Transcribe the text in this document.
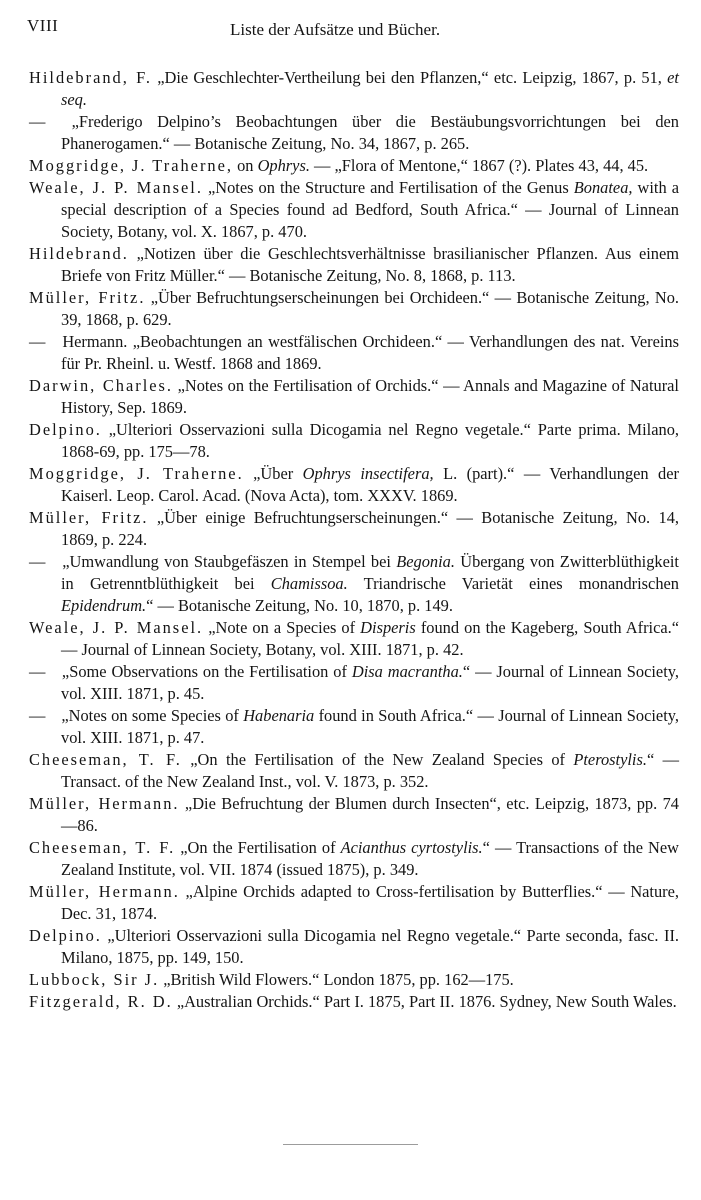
VIII	Liste der Aufsätze und Bücher.

Hildebrand, F. „Die Geschlechter-Vertheilung bei den Pflanzen,“ etc. Leipzig, 1867, p. 51, et seq.

— „Frederigo Delpino’s Beobachtungen über die Bestäubungsvorrichtungen bei den Phanerogamen.“ — Botanische Zeitung, No. 34, 1867, p. 265.

Moggridge, J. Traherne, on Ophrys. — „Flora of Mentone,“ 1867 (?). Plates 43, 44, 45.

Weale, J. P. Mansel. „Notes on the Structure and Fertilisation of the Genus Bonatea, with a special description of a Species found ad Bedford, South Africa.“ — Journal of Linnean Society, Botany, vol. X. 1867, p. 470.

Hildebrand. „Notizen über die Geschlechtsverhältnisse brasilianischer Pflanzen. Aus einem Briefe von Fritz Müller.“ — Botanische Zeitung, No. 8, 1868, p. 113.

Müller, Fritz. „Über Befruchtungserscheinungen bei Orchideen.“ — Botanische Zeitung, No. 39, 1868, p. 629.

— Hermann. „Beobachtungen an westfälischen Orchideen.“ — Verhandlungen des nat. Vereins für Pr. Rheinl. u. Westf. 1868 and 1869.

Darwin, Charles. „Notes on the Fertilisation of Orchids.“ — Annals and Magazine of Natural History, Sep. 1869.

Delpino. „Ulteriori Osservazioni sulla Dicogamia nel Regno vegetale.“ Parte prima. Milano, 1868-69, pp. 175—78.

Moggridge, J. Traherne. „Über Ophrys insectifera, L. (part).“ — Verhandlungen der Kaiserl. Leop. Carol. Acad. (Nova Acta), tom. XXXV. 1869.

Müller, Fritz. „Über einige Befruchtungserscheinungen.“ — Botanische Zeitung, No. 14, 1869, p. 224.

— „Umwandlung von Staubgefäszen in Stempel bei Begonia. Übergang von Zwitterblüthigkeit in Getrenntblüthigkeit bei Chamissoa. Triandrische Varietät eines monandrischen Epidendrum.“ — Botanische Zeitung, No. 10, 1870, p. 149.

Weale, J. P. Mansel. „Note on a Species of Disperis found on the Kageberg, South Africa.“ — Journal of Linnean Society, Botany, vol. XIII. 1871, p. 42.

— „Some Observations on the Fertilisation of Disa macrantha.“ — Journal of Linnean Society, vol. XIII. 1871, p. 45.

— „Notes on some Species of Habenaria found in South Africa.“ — Journal of Linnean Society, vol. XIII. 1871, p. 47.

Cheeseman, T. F. „On the Fertilisation of the New Zealand Species of Pterostylis.“ — Transact. of the New Zealand Inst., vol. V. 1873, p. 352.

Müller, Hermann. „Die Befruchtung der Blumen durch Insecten“, etc. Leipzig, 1873, pp. 74—86.

Cheeseman, T. F. „On the Fertilisation of Acianthus cyrtostylis.“ — Transactions of the New Zealand Institute, vol. VII. 1874 (issued 1875), p. 349.

Müller, Hermann. „Alpine Orchids adapted to Cross-fertilisation by Butterflies.“ — Nature, Dec. 31, 1874.

Delpino. „Ulteriori Osservazioni sulla Dicogamia nel Regno vegetale.“ Parte seconda, fasc. II. Milano, 1875, pp. 149, 150.

Lubbock, Sir J. „British Wild Flowers.“ London 1875, pp. 162—175.

Fitzgerald, R. D. „Australian Orchids.“ Part I. 1875, Part II. 1876. Sydney, New South Wales.
